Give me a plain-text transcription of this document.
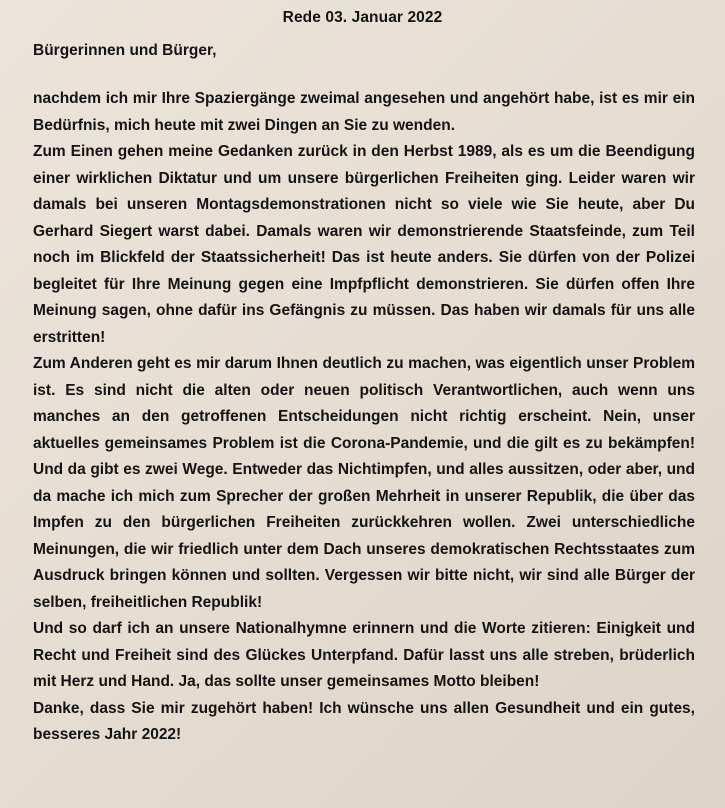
Rede 03. Januar 2022
Bürgerinnen und Bürger,

nachdem ich mir Ihre Spaziergänge zweimal angesehen und angehört habe, ist es mir ein Bedürfnis, mich heute mit zwei Dingen an Sie zu wenden.

Zum Einen gehen meine Gedanken zurück in den Herbst 1989, als es um die Beendigung einer wirklichen Diktatur und um unsere bürgerlichen Freiheiten ging. Leider waren wir damals bei unseren Montagsdemonstrationen nicht so viele wie Sie heute, aber Du Gerhard Siegert warst dabei. Damals waren wir demonstrierende Staatsfeinde, zum Teil noch im Blickfeld der Staatssicherheit! Das ist heute anders. Sie dürfen von der Polizei begleitet für Ihre Meinung gegen eine Impfpflicht demonstrieren. Sie dürfen offen Ihre Meinung sagen, ohne dafür ins Gefängnis zu müssen. Das haben wir damals für uns alle erstritten!

Zum Anderen geht es mir darum Ihnen deutlich zu machen, was eigentlich unser Problem ist. Es sind nicht die alten oder neuen politisch Verantwortlichen, auch wenn uns manches an den getroffenen Entscheidungen nicht richtig erscheint. Nein, unser aktuelles gemeinsames Problem ist die Corona-Pandemie, und die gilt es zu bekämpfen! Und da gibt es zwei Wege. Entweder das Nichtimpfen, und alles aussitzen, oder aber, und da mache ich mich zum Sprecher der großen Mehrheit in unserer Republik, die über das Impfen zu den bürgerlichen Freiheiten zurückkehren wollen. Zwei unterschiedliche Meinungen, die wir friedlich unter dem Dach unseres demokratischen Rechtsstaates zum Ausdruck bringen können und sollten. Vergessen wir bitte nicht, wir sind alle Bürger der selben, freiheitlichen Republik!

Und so darf ich an unsere Nationalhymne erinnern und die Worte zitieren: Einigkeit und Recht und Freiheit sind des Glückes Unterpfand. Dafür lasst uns alle streben, brüderlich mit Herz und Hand. Ja, das sollte unser gemeinsames Motto bleiben!

Danke, dass Sie mir zugehört haben! Ich wünsche uns allen Gesundheit und ein gutes, besseres Jahr 2022!
